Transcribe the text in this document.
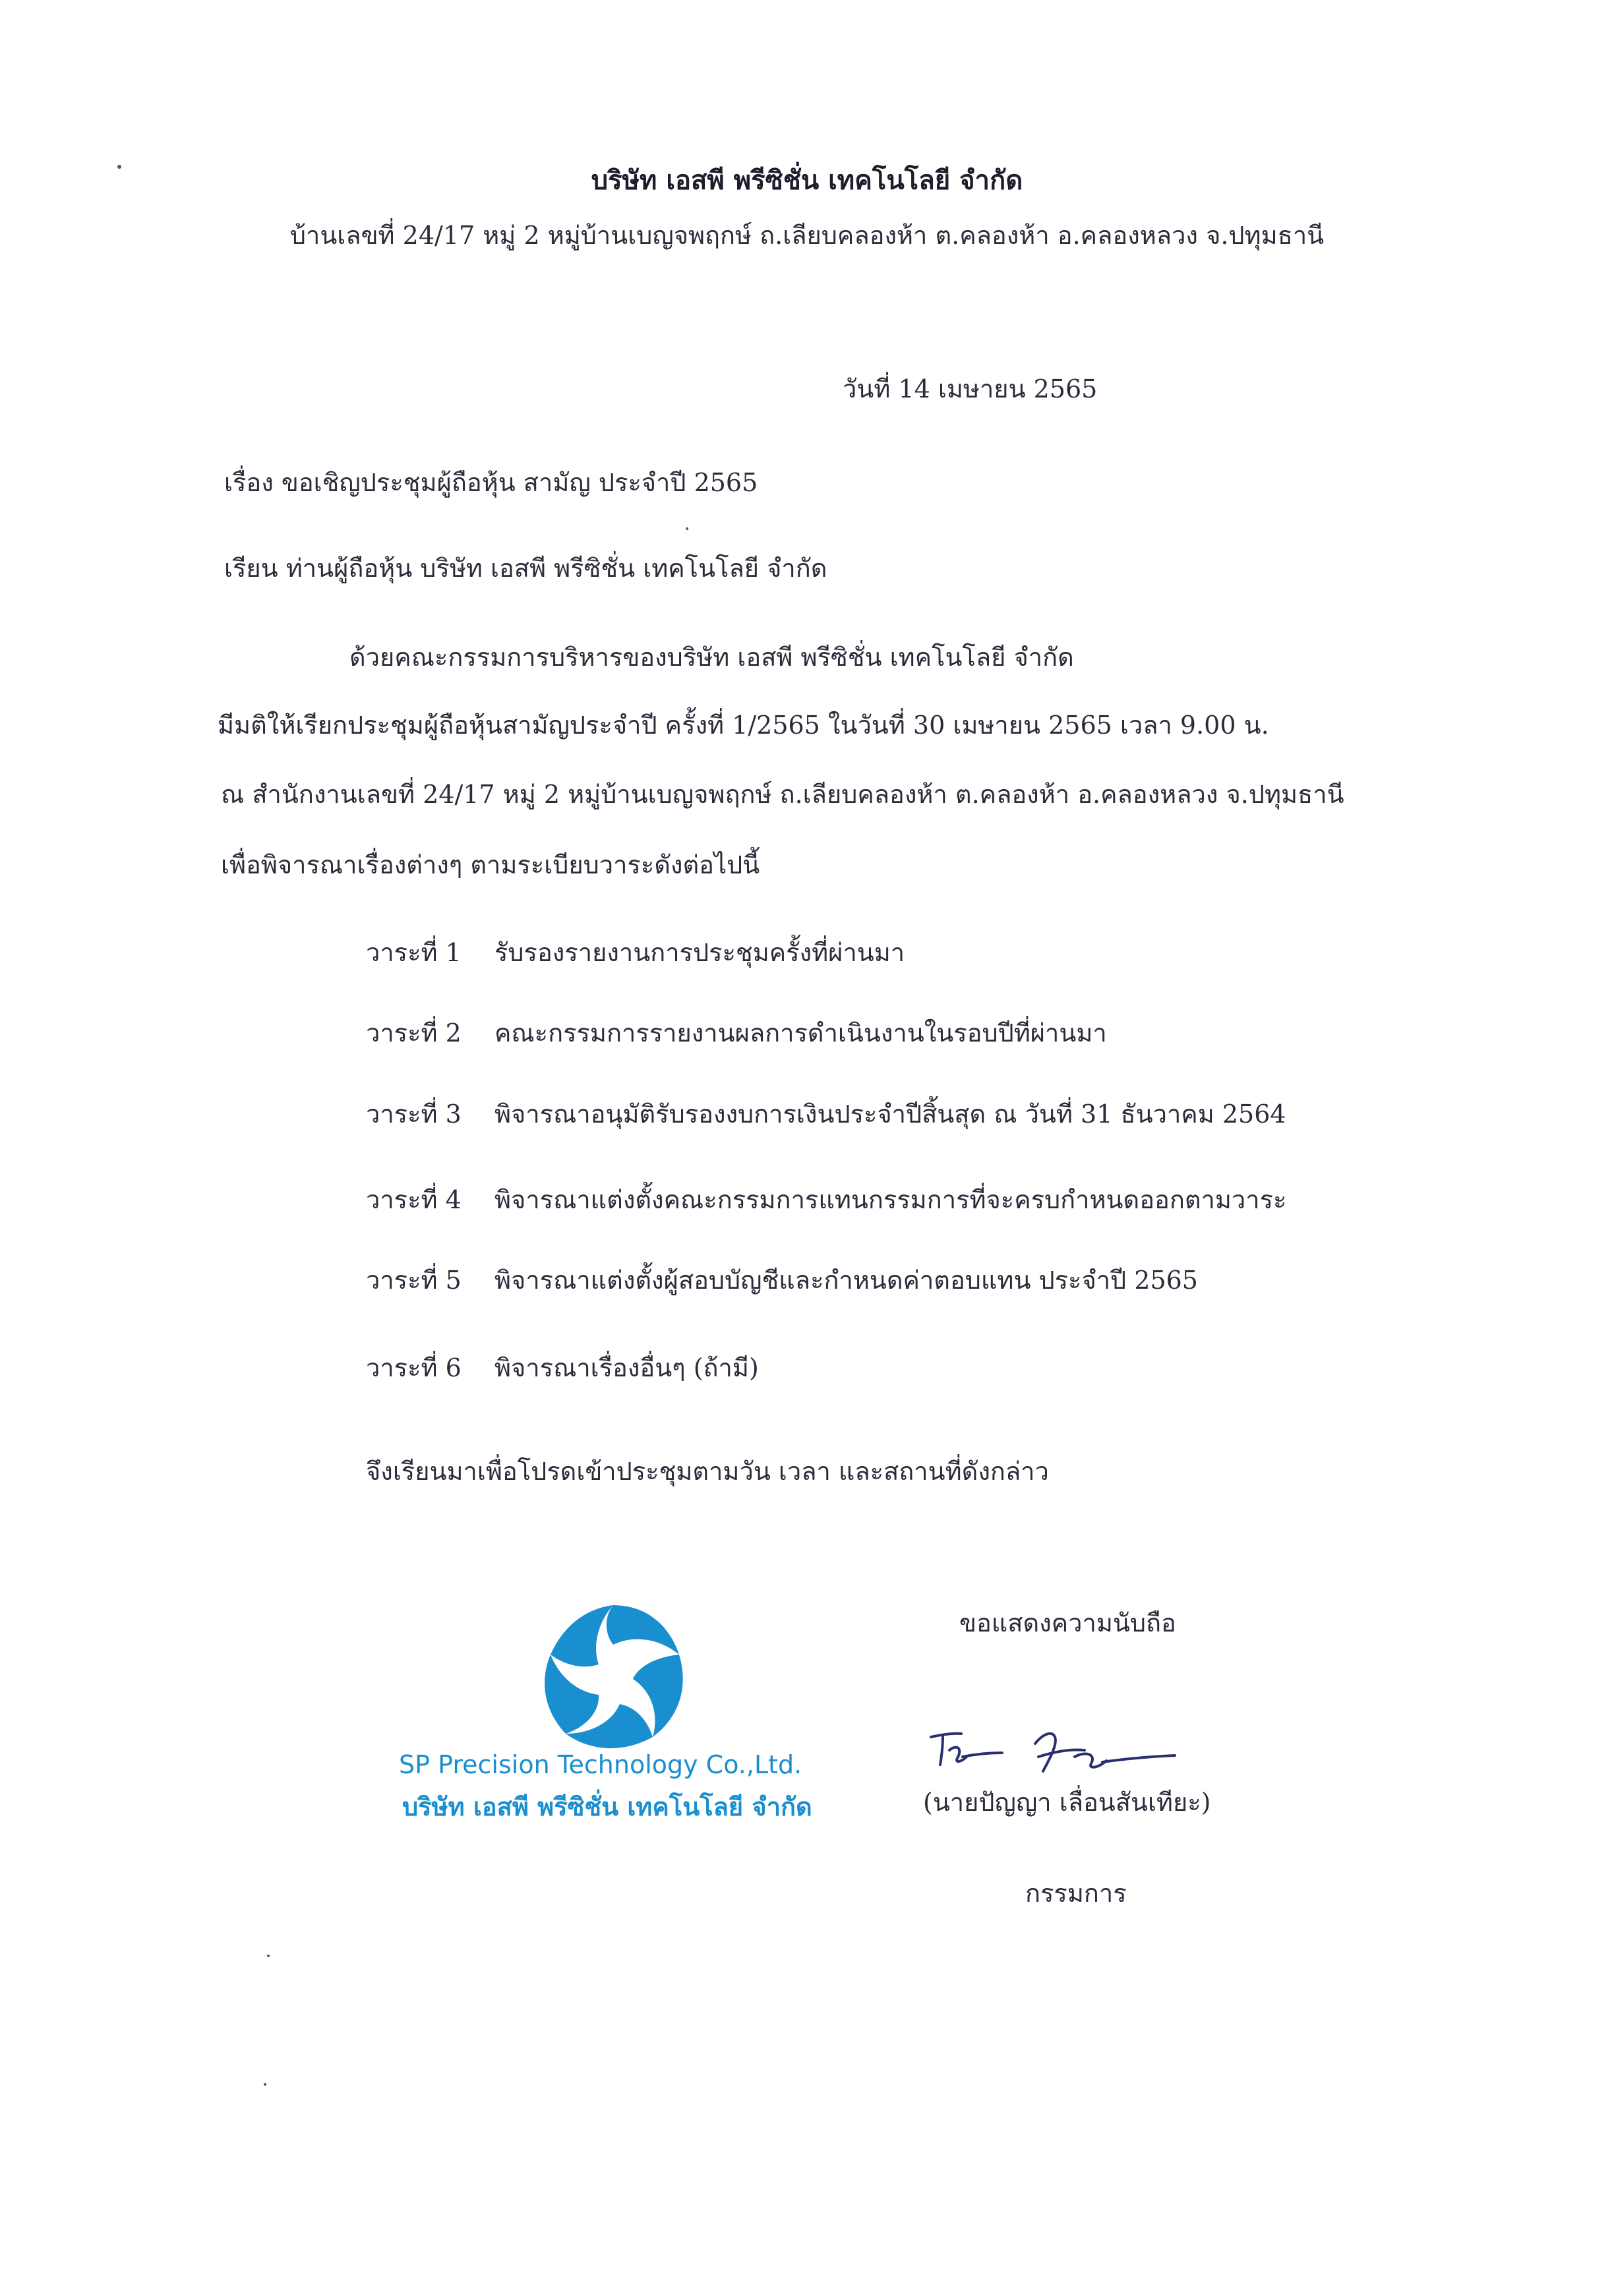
บริษัท เอสพี พรีซิชั่น เทคโนโลยี จำกัด
บ้านเลขที่ 24/17 หมู่ 2 หมู่บ้านเบญจพฤกษ์ ถ.เลียบคลองห้า ต.คลองห้า อ.คลองหลวง จ.ปทุมธานี
วันที่ 14 เมษายน 2565
เรื่อง ขอเชิญประชุมผู้ถือหุ้น สามัญ ประจำปี 2565
เรียน ท่านผู้ถือหุ้น บริษัท เอสพี พรีซิชั่น เทคโนโลยี จำกัด
ด้วยคณะกรรมการบริหารของบริษัท เอสพี พรีซิชั่น เทคโนโลยี จำกัด
มีมติให้เรียกประชุมผู้ถือหุ้นสามัญประจำปี ครั้งที่ 1/2565 ในวันที่ 30 เมษายน 2565 เวลา 9.00 น.
ณ สำนักงานเลขที่ 24/17 หมู่ 2 หมู่บ้านเบญจพฤกษ์ ถ.เลียบคลองห้า ต.คลองห้า อ.คลองหลวง จ.ปทุมธานี
เพื่อพิจารณาเรื่องต่างๆ ตามระเบียบวาระดังต่อไปนี้
วาระที่ 1	รับรองรายงานการประชุมครั้งที่ผ่านมา
วาระที่ 2	คณะกรรมการรายงานผลการดำเนินงานในรอบปีที่ผ่านมา
วาระที่ 3	พิจารณาอนุมัติรับรองงบการเงินประจำปีสิ้นสุด ณ วันที่ 31 ธันวาคม 2564
วาระที่ 4	พิจารณาแต่งตั้งคณะกรรมการแทนกรรมการที่จะครบกำหนดออกตามวาระ
วาระที่ 5	พิจารณาแต่งตั้งผู้สอบบัญชีและกำหนดค่าตอบแทน ประจำปี 2565
วาระที่ 6	พิจารณาเรื่องอื่นๆ (ถ้ามี)
จึงเรียนมาเพื่อโปรดเข้าประชุมตามวัน เวลา และสถานที่ดังกล่าว
ขอแสดงความนับถือ
SP Precision Technology Co.,Ltd.
บริษัท เอสพี พรีซิชั่น เทคโนโลยี จำกัด	(นายปัญญา เลื่อนสันเทียะ)
กรรมการ
